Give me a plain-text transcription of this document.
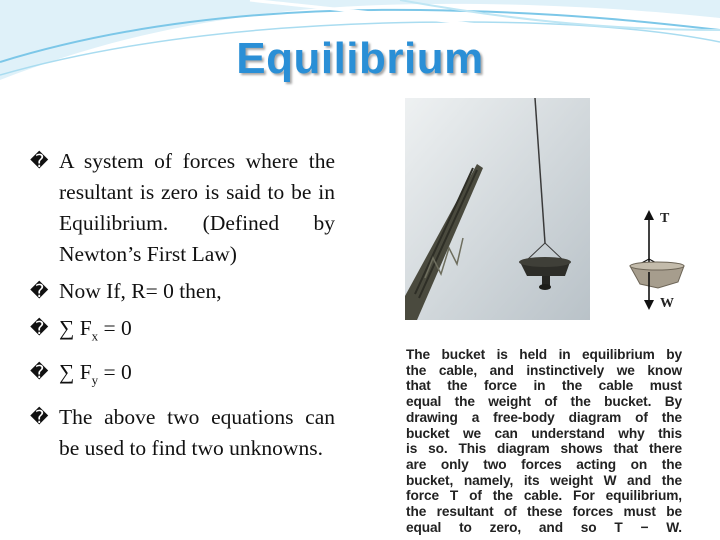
Equilibrium
� A system of forces where the resultant is zero is said to be in Equilibrium. (Defined by Newton’s First Law)
� Now If, R= 0 then,
� ∑ $F_x = 0$
� ∑ $F_y = 0$
� The above two equations can be used to find two unknowns.
T
W
The bucket is held in equilibrium by
the cable, and instinctively we know
that the force in the cable must
equal the weight of the bucket. By
drawing a free-body diagram of the
bucket we can understand why this
is so. This diagram shows that there
are only two forces acting on the
bucket, namely, its weight W and the
force T of the cable. For equilibrium,
the resultant of these forces must be
equal to zero, and so T − W.
